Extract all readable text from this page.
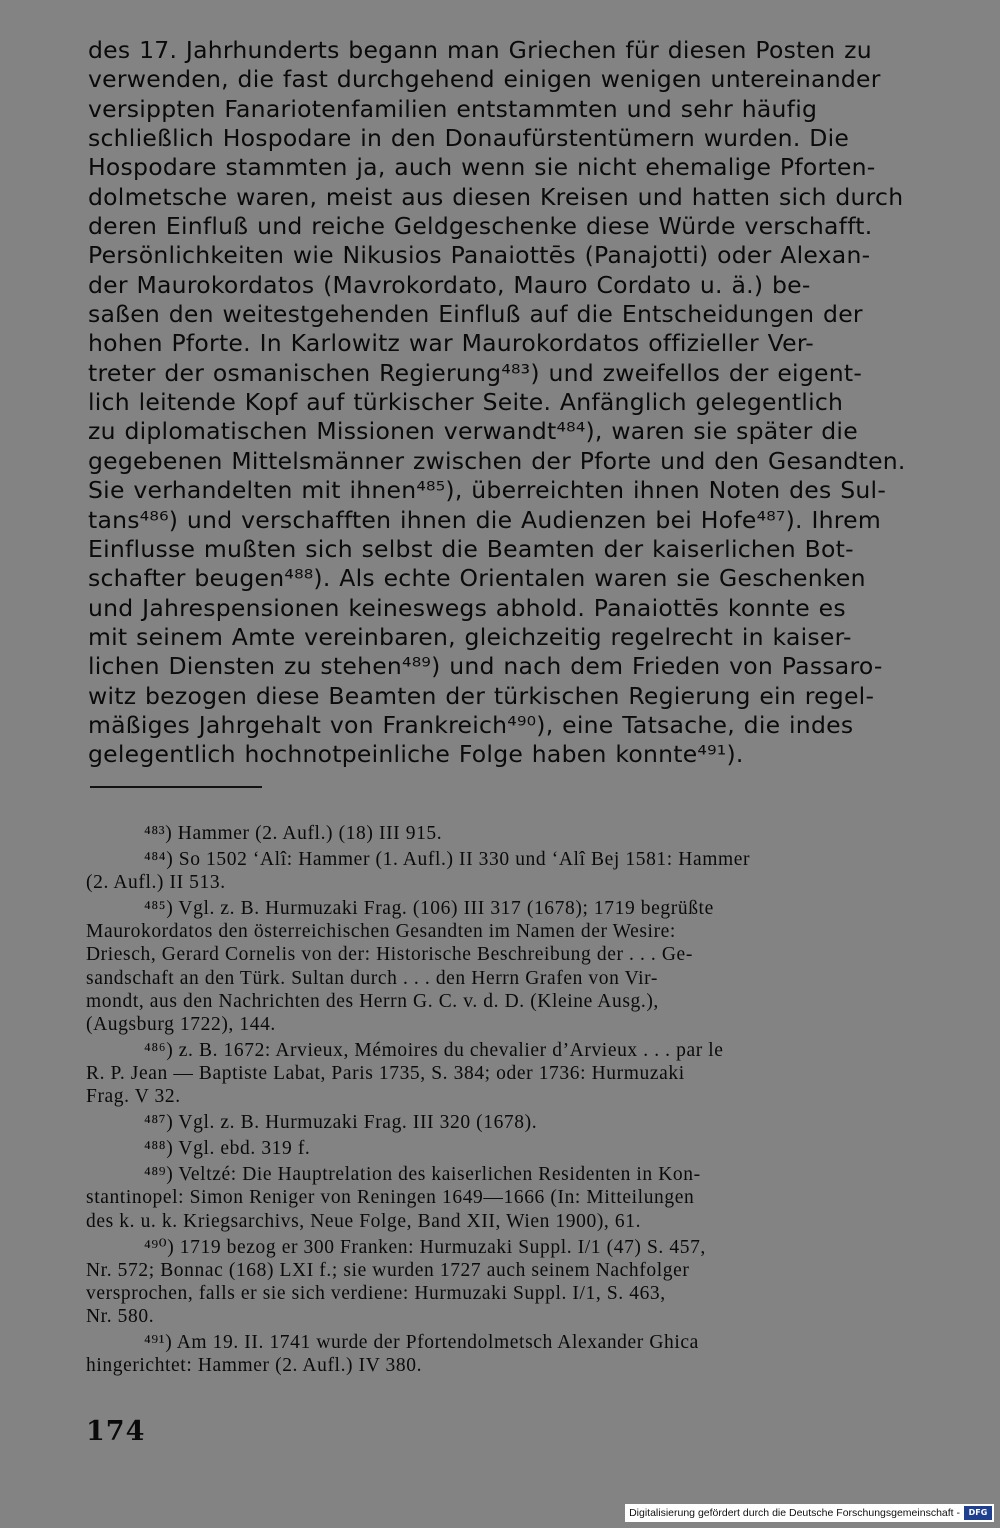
des 17. Jahrhunderts begann man Griechen für diesen Posten zu
verwenden, die fast durchgehend einigen wenigen untereinander
versippten Fanariotenfamilien entstammten und sehr häufig
schließlich Hospodare in den Donaufürstentümern wurden. Die
Hospodare stammten ja, auch wenn sie nicht ehemalige Pforten-
dolmetsche waren, meist aus diesen Kreisen und hatten sich durch
deren Einfluß und reiche Geldgeschenke diese Würde verschafft.
Persönlichkeiten wie Nikusios Panaiottēs (Panajotti) oder Alexan-
der Maurokordatos (Mavrokordato, Mauro Cordato u. ä.) be-
saßen den weitestgehenden Einfluß auf die Entscheidungen der
hohen Pforte. In Karlowitz war Maurokordatos offizieller Ver-
treter der osmanischen Regierung⁴⁸³) und zweifellos der eigent-
lich leitende Kopf auf türkischer Seite. Anfänglich gelegentlich
zu diplomatischen Missionen verwandt⁴⁸⁴), waren sie später die
gegebenen Mittelsmänner zwischen der Pforte und den Gesandten.
Sie verhandelten mit ihnen⁴⁸⁵), überreichten ihnen Noten des Sul-
tans⁴⁸⁶) und verschafften ihnen die Audienzen bei Hofe⁴⁸⁷). Ihrem
Einflusse mußten sich selbst die Beamten der kaiserlichen Bot-
schafter beugen⁴⁸⁸). Als echte Orientalen waren sie Geschenken
und Jahrespensionen keineswegs abhold. Panaiottēs konnte es
mit seinem Amte vereinbaren, gleichzeitig regelrecht in kaiser-
lichen Diensten zu stehen⁴⁸⁹) und nach dem Frieden von Passaro-
witz bezogen diese Beamten der türkischen Regierung ein regel-
mäßiges Jahrgehalt von Frankreich⁴⁹⁰), eine Tatsache, die indes
gelegentlich hochnotpeinliche Folge haben konnte⁴⁹¹).
⁴⁸³) Hammer (2. Aufl.) (18) III 915.
⁴⁸⁴) So 1502 ‘Alî: Hammer (1. Aufl.) II 330 und ‘Alî Bej 1581: Hammer
(2. Aufl.) II 513.
⁴⁸⁵) Vgl. z. B. Hurmuzaki Frag. (106) III 317 (1678); 1719 begrüßte
Maurokordatos den österreichischen Gesandten im Namen der Wesire:
Driesch, Gerard Cornelis von der: Historische Beschreibung der . . . Ge-
sandschaft an den Türk. Sultan durch . . . den Herrn Grafen von Vir-
mondt, aus den Nachrichten des Herrn G. C. v. d. D. (Kleine Ausg.),
(Augsburg 1722), 144.
⁴⁸⁶) z. B. 1672: Arvieux, Mémoires du chevalier d’Arvieux . . . par le
R. P. Jean — Baptiste Labat, Paris 1735, S. 384; oder 1736: Hurmuzaki
Frag. V 32.
⁴⁸⁷) Vgl. z. B. Hurmuzaki Frag. III 320 (1678).
⁴⁸⁸) Vgl. ebd. 319 f.
⁴⁸⁹) Veltzé: Die Hauptrelation des kaiserlichen Residenten in Kon-
stantinopel: Simon Reniger von Reningen 1649—1666 (In: Mitteilungen
des k. u. k. Kriegsarchivs, Neue Folge, Band XII, Wien 1900), 61.
⁴⁹⁰) 1719 bezog er 300 Franken: Hurmuzaki Suppl. I/1 (47) S. 457,
Nr. 572; Bonnac (168) LXI f.; sie wurden 1727 auch seinem Nachfolger
versprochen, falls er sie sich verdiene: Hurmuzaki Suppl. I/1, S. 463,
Nr. 580.
⁴⁹¹) Am 19. II. 1741 wurde der Pfortendolmetsch Alexander Ghica
hingerichtet: Hammer (2. Aufl.) IV 380.
174
Digitalisierung gefördert durch die Deutsche Forschungsgemeinschaft -	DFG
